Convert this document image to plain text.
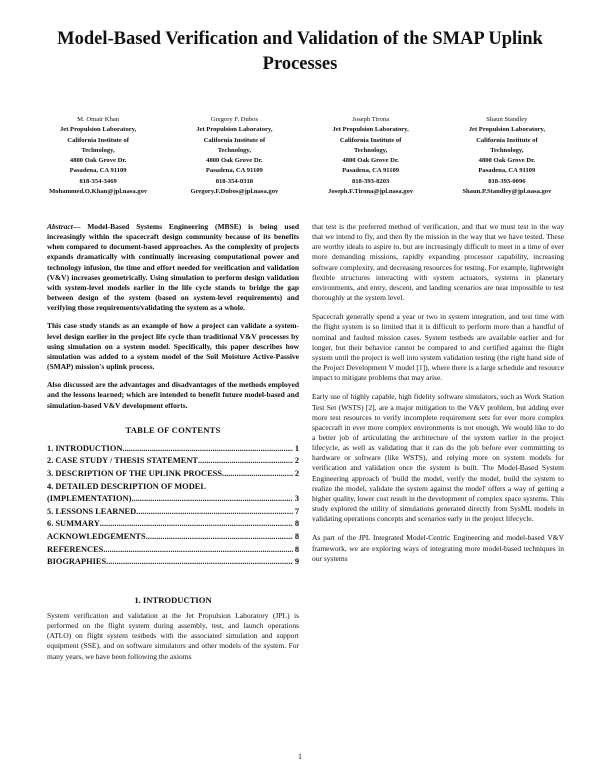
Model-Based Verification and Validation of the SMAP Uplink Processes
M. Omair Khan
Jet Propulsion Laboratory,
California Institute of
Technology,
4800 Oak Grove Dr.
Pasadena, CA 91109
818-354-3469
Mohammed.O.Khan@jpl.nasa.gov
Gregory F. Dubos
Jet Propulsion Laboratory,
California Institute of
Technology,
4800 Oak Grove Dr.
Pasadena, CA 91109
818-354-0318
Gregory.F.Dubos@jpl.nasa.gov
Joseph Tirona
Jet Propulsion Laboratory,
California Institute of
Technology,
4800 Oak Grove Dr.
Pasadena, CA 91109
818-393-8203
Joseph.F.Tirona@jpl.nasa.gov
Shaun Standley
Jet Propulsion Laboratory,
California Institute of
Technology,
4800 Oak Grove Dr.
Pasadena, CA 91109
818-393-0096
Shaun.P.Standley@jpl.nasa.gov

Abstract— Model-Based Systems Engineering (MBSE) is being used increasingly within the spacecraft design community because of its benefits when compared to document-based approaches. As the complexity of projects expands dramatically with continually increasing computational power and technology infusion, the time and effort needed for verification and validation (V&V) increases geometrically. Using simulation to perform design validation with system-level models earlier in the life cycle stands to bridge the gap between design of the system (based on system-level requirements) and verifying those requirements/validating the system as a whole.

This case study stands as an example of how a project can validate a system-level design earlier in the project life cycle than traditional V&V processes by using simulation on a system model. Specifically, this paper describes how simulation was added to a system model of the Soil Moisture Active-Passive (SMAP) mission's uplink process.

Also discussed are the advantages and disadvantages of the methods employed and the lessons learned; which are intended to benefit future model-based and simulation-based V&V development efforts.

TABLE OF CONTENTS
1. INTRODUCTION .....	1
2. CASE STUDY / THESIS STATEMENT .....	2
3. DESCRIPTION OF THE UPLINK PROCESS .....	2
4. DETAILED DESCRIPTION OF MODEL
(IMPLEMENTATION) .....	3
5. LESSONS LEARNED .....	7
6. SUMMARY .....	8
ACKNOWLEDGEMENTS .....	8
REFERENCES .....	8
BIOGRAPHIES .....	9
1. INTRODUCTION

System verification and validation at the Jet Propulsion Laboratory (JPL) is performed on the flight system during assembly, test, and launch operations (ATLO) on flight system testbeds with the associated simulation and support equipment (SSE), and on software simulators and other models of the system. For many years, we have been following the axioms

that test is the preferred method of verification, and that we must test in the way that we intend to fly, and then fly the mission in the way that we have tested. These are worthy ideals to aspire to, but are increasingly difficult to meet in a time of ever more demanding missions, rapidly expanding processor capability, increasing software complexity, and decreasing resources for testing. For example, lightweight flexible structures interacting with system actuators, systems in planetary environments, and entry, descent, and landing scenarios are near impossible to test thoroughly at the system level.

Spacecraft generally spend a year or two in system integration, and test time with the flight system is so limited that it is difficult to perform more than a handful of nominal and faulted mission cases. System testbeds are available earlier and for longer, but their behavior cannot be compared to and certified against the flight system until the project is well into system validation testing (the right hand side of the Project Development V model [1]), where there is a large schedule and resource impact to mitigate problems that may arise.

Early use of highly capable, high fidelity software simulators, such as Work Station Test Set (WSTS) [2], are a major mitigation to the V&V problem, but adding ever more test resources to verify incomplete requirement sets for ever more complex spacecraft in ever more complex environments is not enough. We would like to do a better job of articulating the architecture of the system earlier in the project lifecycle, as well as validating that it can do the job before ever committing to hardware or software (like WSTS), and relying more on system models for verification and validation once the system is built. The Model-Based System Engineering approach of 'build the model, verify the model, build the system to realize the model, validate the system against the model' offers a way of getting a higher quality, lower cost result in the development of complex space systems. This study explored the utility of simulations generated directly from SysML models in validating operations concepts and scenarios early in the project lifecycle.

As part of the JPL Integrated Model-Centric Engineering and model-based V&V framework, we are exploring ways of integrating more model-based techniques in our systems

1
